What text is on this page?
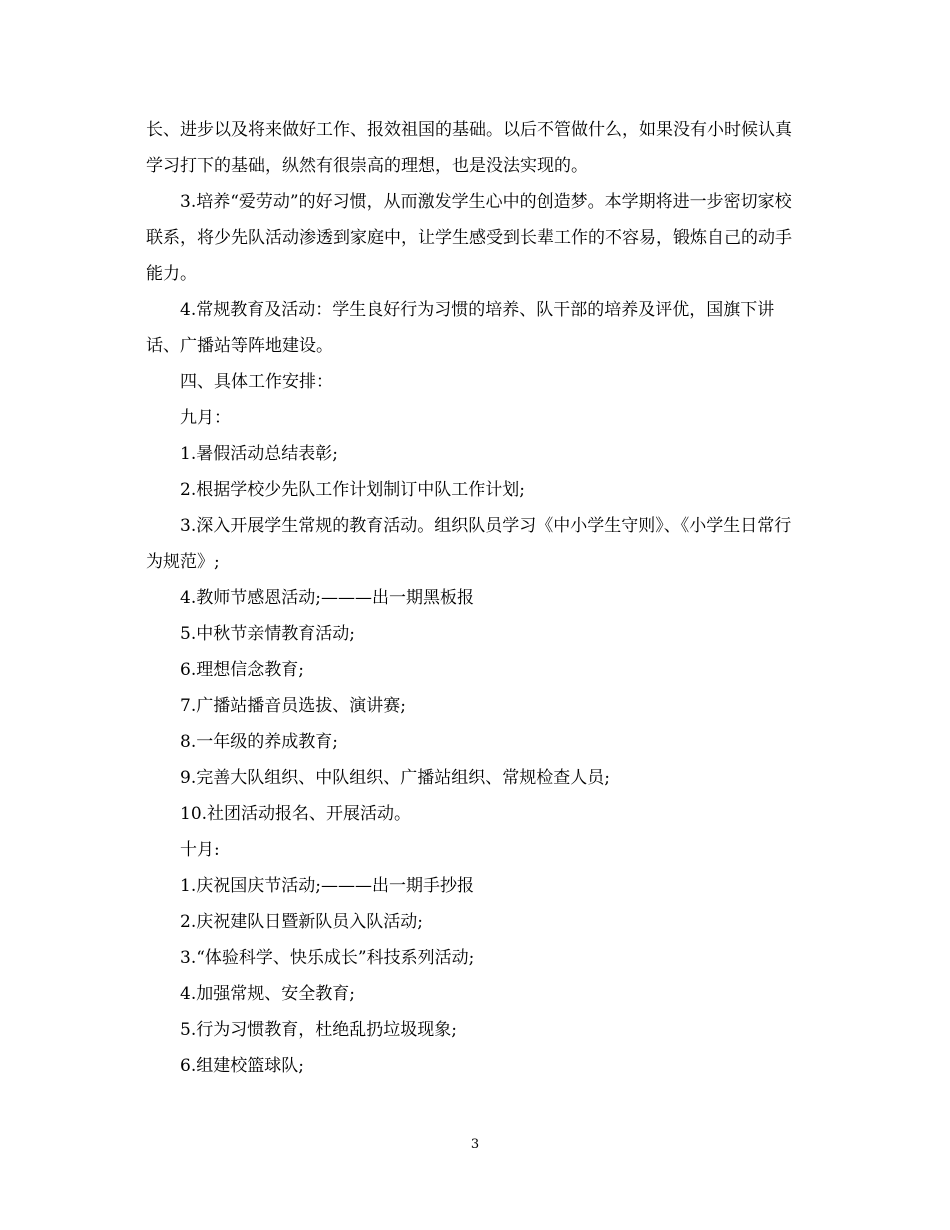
长、进步以及将来做好工作、报效祖国的基础。以后不管做什么，如果没有小时候认真学习打下的基础，纵然有很崇高的理想，也是没法实现的。

3.培养“爱劳动”的好习惯，从而激发学生心中的创造梦。本学期将进一步密切家校联系，将少先队活动渗透到家庭中，让学生感受到长辈工作的不容易，锻炼自己的动手能力。

4.常规教育及活动：学生良好行为习惯的培养、队干部的培养及评优，国旗下讲话、广播站等阵地建设。

四、具体工作安排：

九月：

1.暑假活动总结表彰;

2.根据学校少先队工作计划制订中队工作计划;

3.深入开展学生常规的教育活动。组织队员学习《中小学生守则》、《小学生日常行为规范》;

4.教师节感恩活动;———出一期黑板报

5.中秋节亲情教育活动;

6.理想信念教育;

7.广播站播音员选拔、演讲赛;

8.一年级的养成教育;

9.完善大队组织、中队组织、广播站组织、常规检查人员;

10.社团活动报名、开展活动。

十月:

1.庆祝国庆节活动;———出一期手抄报

2.庆祝建队日暨新队员入队活动;

3.“体验科学、快乐成长”科技系列活动;

4.加强常规、安全教育;

5.行为习惯教育，杜绝乱扔垃圾现象;

6.组建校篮球队;

3
